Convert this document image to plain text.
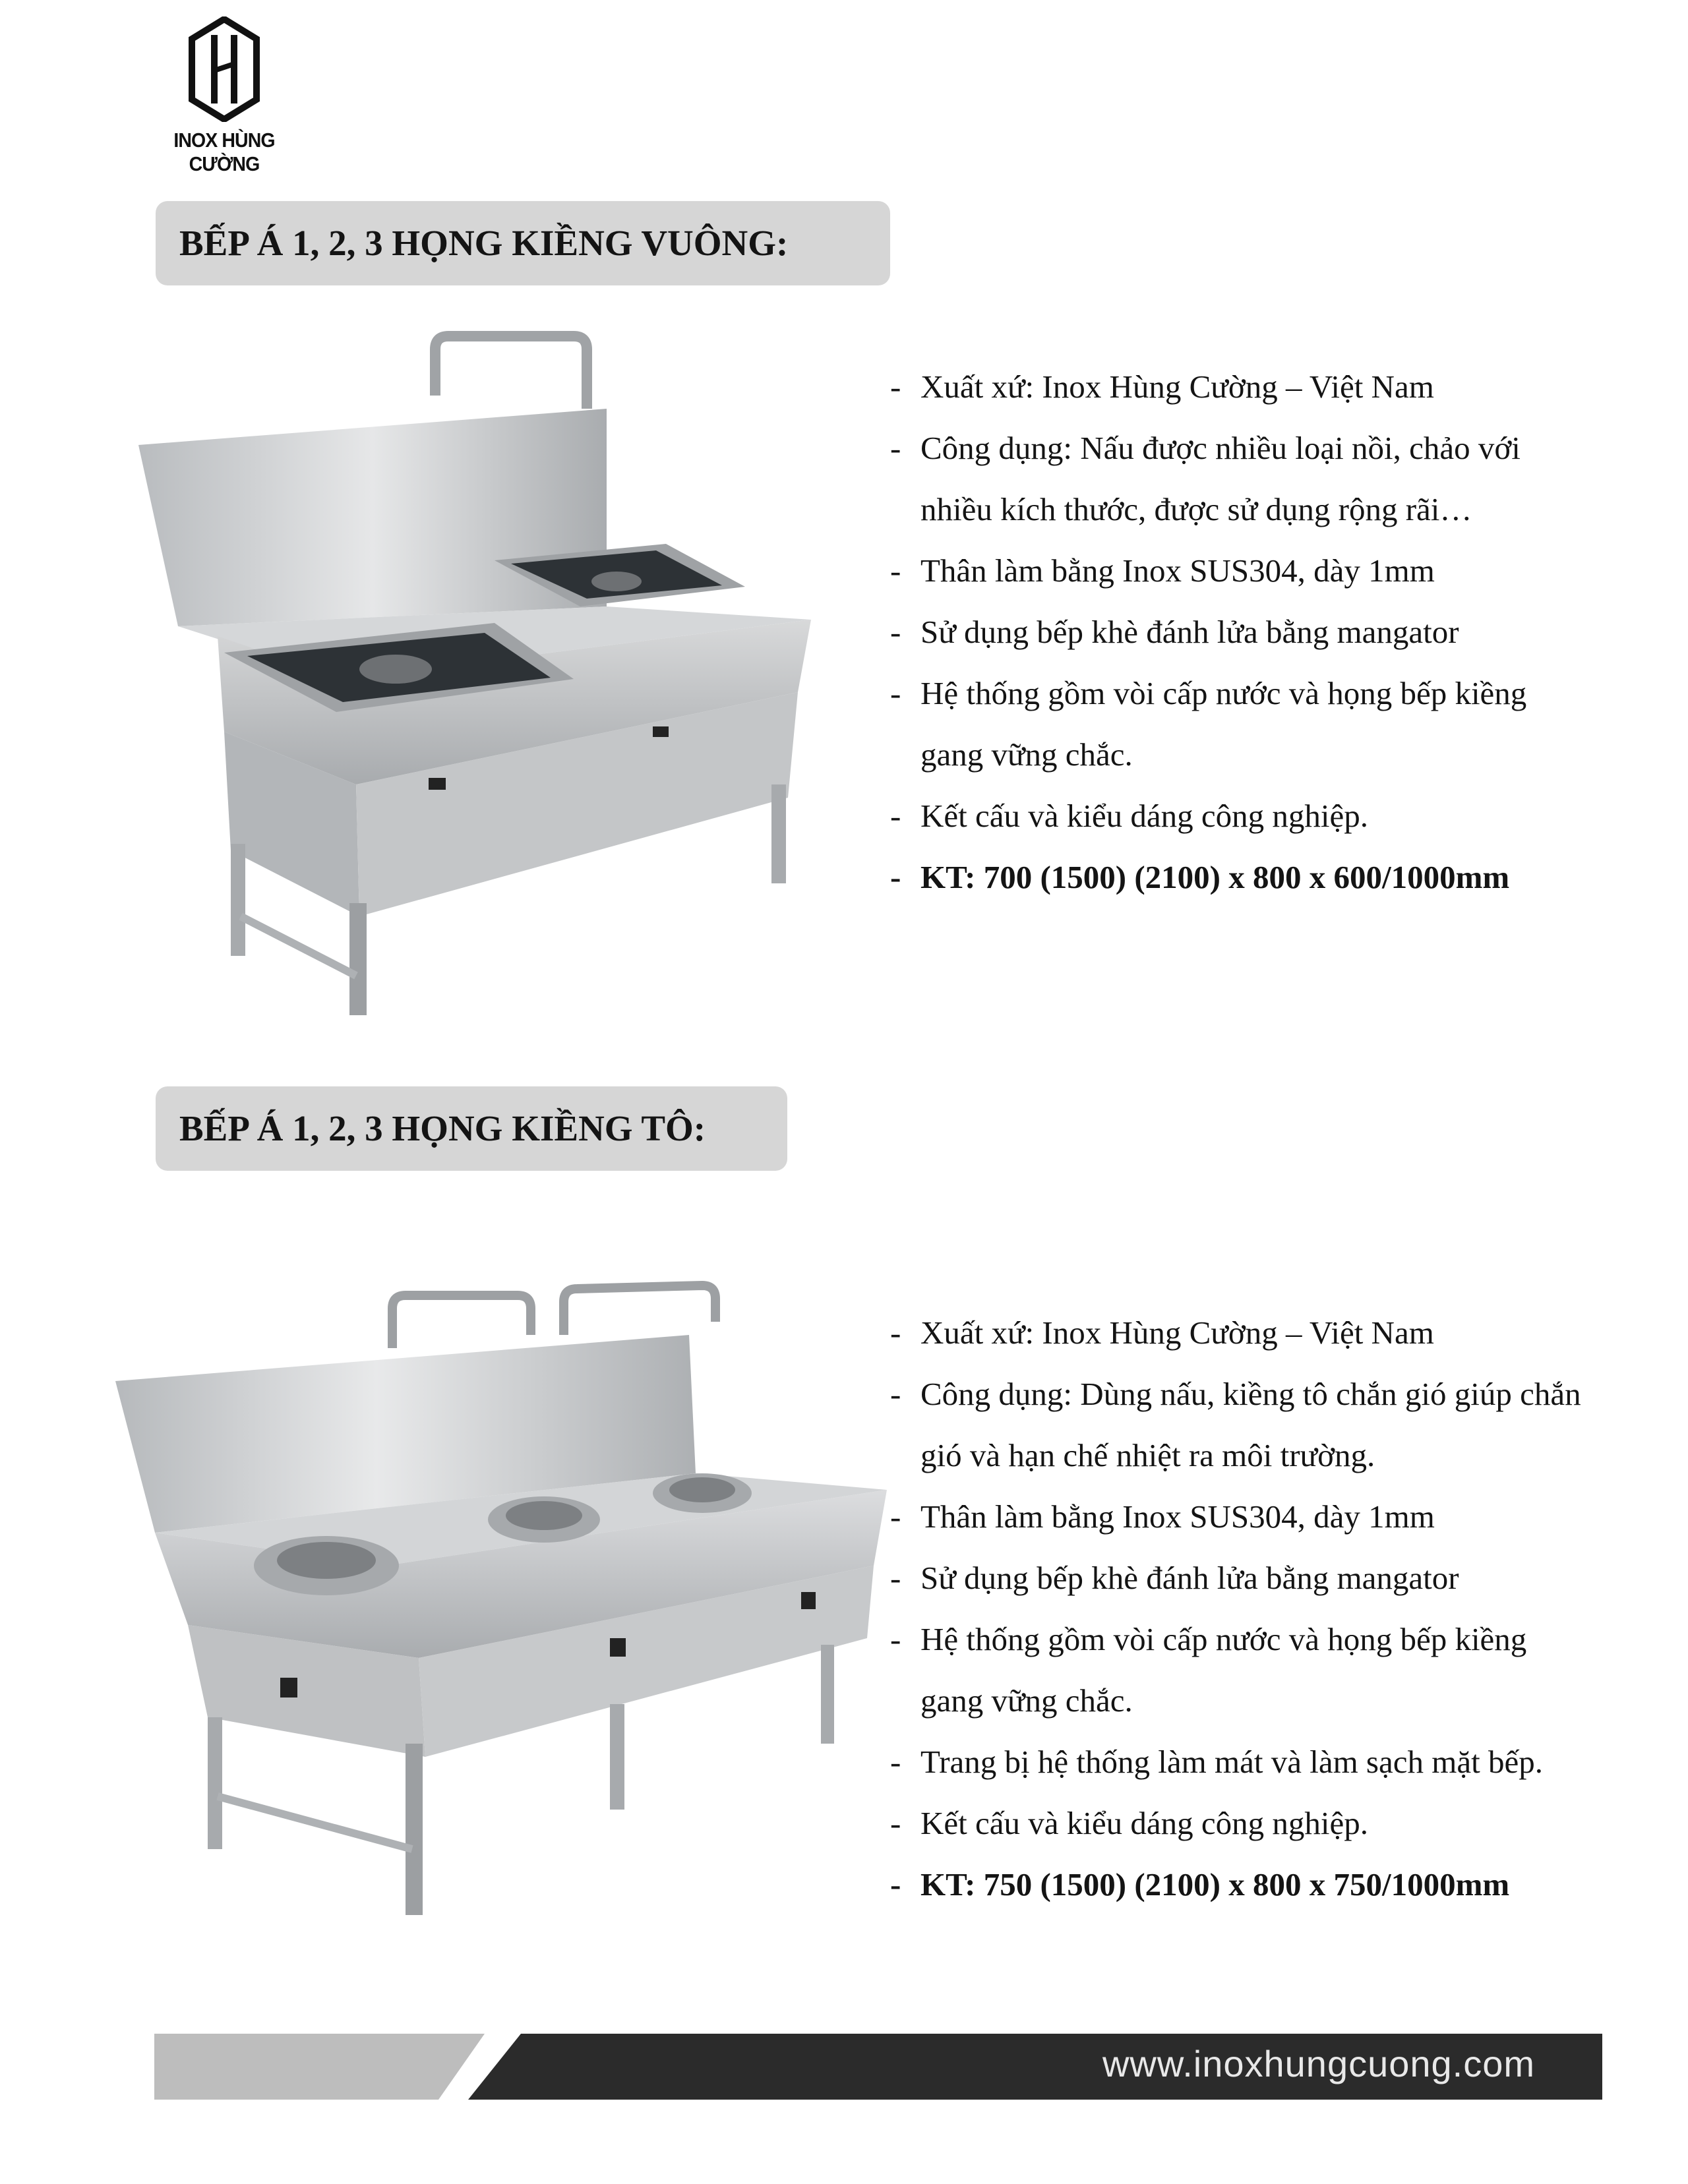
INOX HÙNG CƯỜNG
BẾP Á 1, 2, 3 HỌNG KIỀNG VUÔNG:
- Xuất xứ: Inox Hùng Cường – Việt Nam
- Công dụng: Nấu được nhiều loại nồi, chảo với
nhiều kích thước, được sử dụng rộng rãi…
- Thân làm bằng Inox SUS304, dày 1mm
- Sử dụng bếp khè đánh lửa bằng mangator
- Hệ thống gồm vòi cấp nước và họng bếp kiềng
gang vững chắc.
- Kết cấu và kiểu dáng công nghiệp.
- KT: 700 (1500) (2100) x 800 x 600/1000mm
BẾP Á 1, 2, 3 HỌNG KIỀNG TÔ:
- Xuất xứ: Inox Hùng Cường – Việt Nam
- Công dụng: Dùng nấu, kiềng tô chắn gió giúp chắn
gió và hạn chế nhiệt ra môi trường.
- Thân làm bằng Inox SUS304, dày 1mm
- Sử dụng bếp khè đánh lửa bằng mangator
- Hệ thống gồm vòi cấp nước và họng bếp kiềng
gang vững chắc.
- Trang bị hệ thống làm mát và làm sạch mặt bếp.
- Kết cấu và kiểu dáng công nghiệp.
- KT: 750 (1500) (2100) x 800 x 750/1000mm
www.inoxhungcuong.com
